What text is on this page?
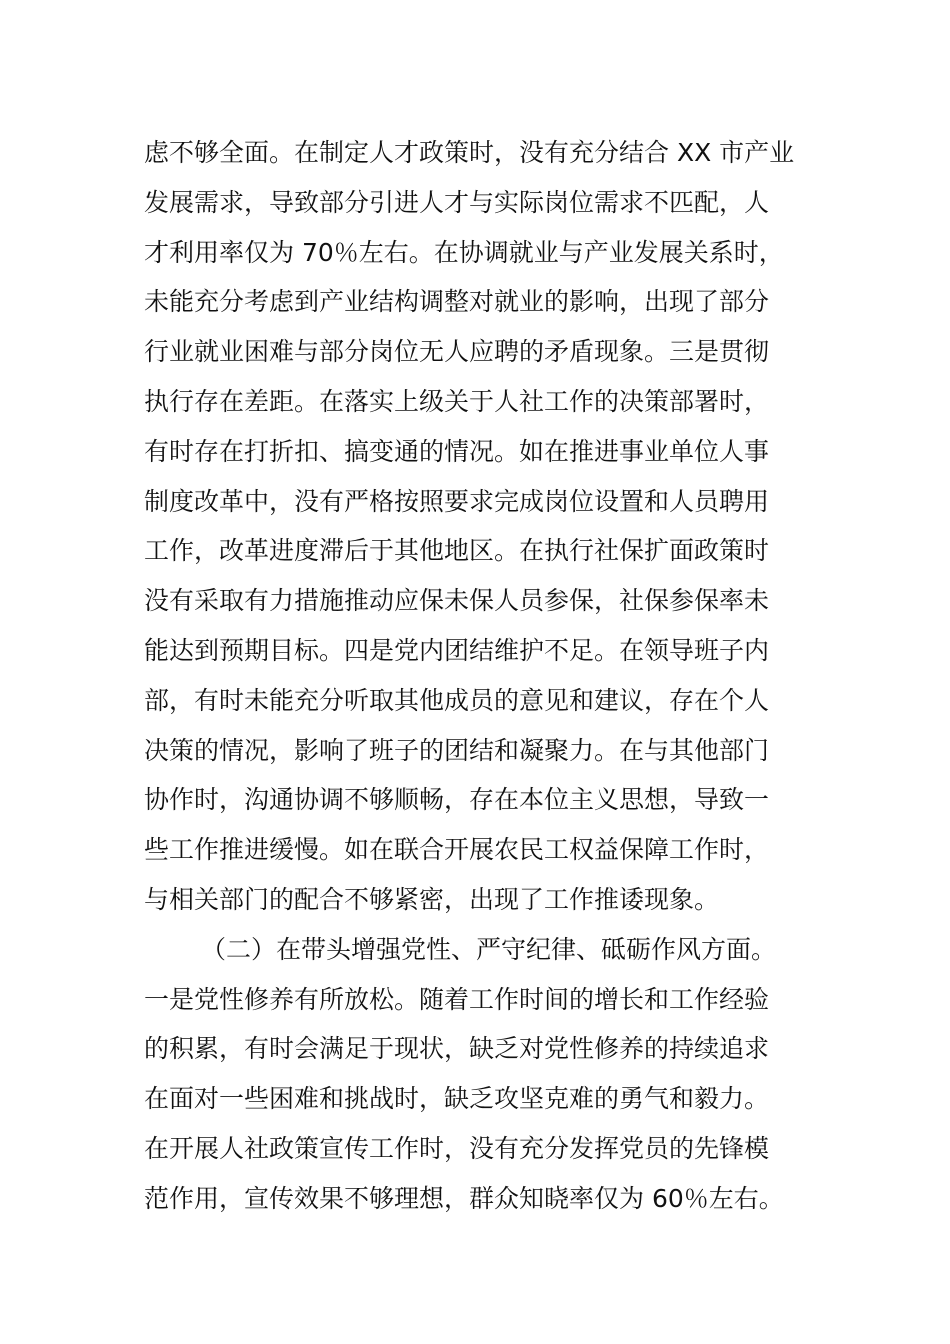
虑不够全面。在制定人才政策时，没有充分结合 XX 市产业
发展需求，导致部分引进人才与实际岗位需求不匹配，人
才利用率仅为 70％左右。在协调就业与产业发展关系时，
未能充分考虑到产业结构调整对就业的影响，出现了部分
行业就业困难与部分岗位无人应聘的矛盾现象。三是贯彻
执行存在差距。在落实上级关于人社工作的决策部署时，
有时存在打折扣、搞变通的情况。如在推进事业单位人事
制度改革中，没有严格按照要求完成岗位设置和人员聘用
工作，改革进度滞后于其他地区。在执行社保扩面政策时
没有采取有力措施推动应保未保人员参保，社保参保率未
能达到预期目标。四是党内团结维护不足。在领导班子内
部，有时未能充分听取其他成员的意见和建议，存在个人
决策的情况，影响了班子的团结和凝聚力。在与其他部门
协作时，沟通协调不够顺畅，存在本位主义思想，导致一
些工作推进缓慢。如在联合开展农民工权益保障工作时，
与相关部门的配合不够紧密，出现了工作推诿现象。
（二）在带头增强党性、严守纪律、砥砺作风方面。
一是党性修养有所放松。随着工作时间的增长和工作经验
的积累，有时会满足于现状，缺乏对党性修养的持续追求
在面对一些困难和挑战时，缺乏攻坚克难的勇气和毅力。
在开展人社政策宣传工作时，没有充分发挥党员的先锋模
范作用，宣传效果不够理想，群众知晓率仅为 60％左右。
